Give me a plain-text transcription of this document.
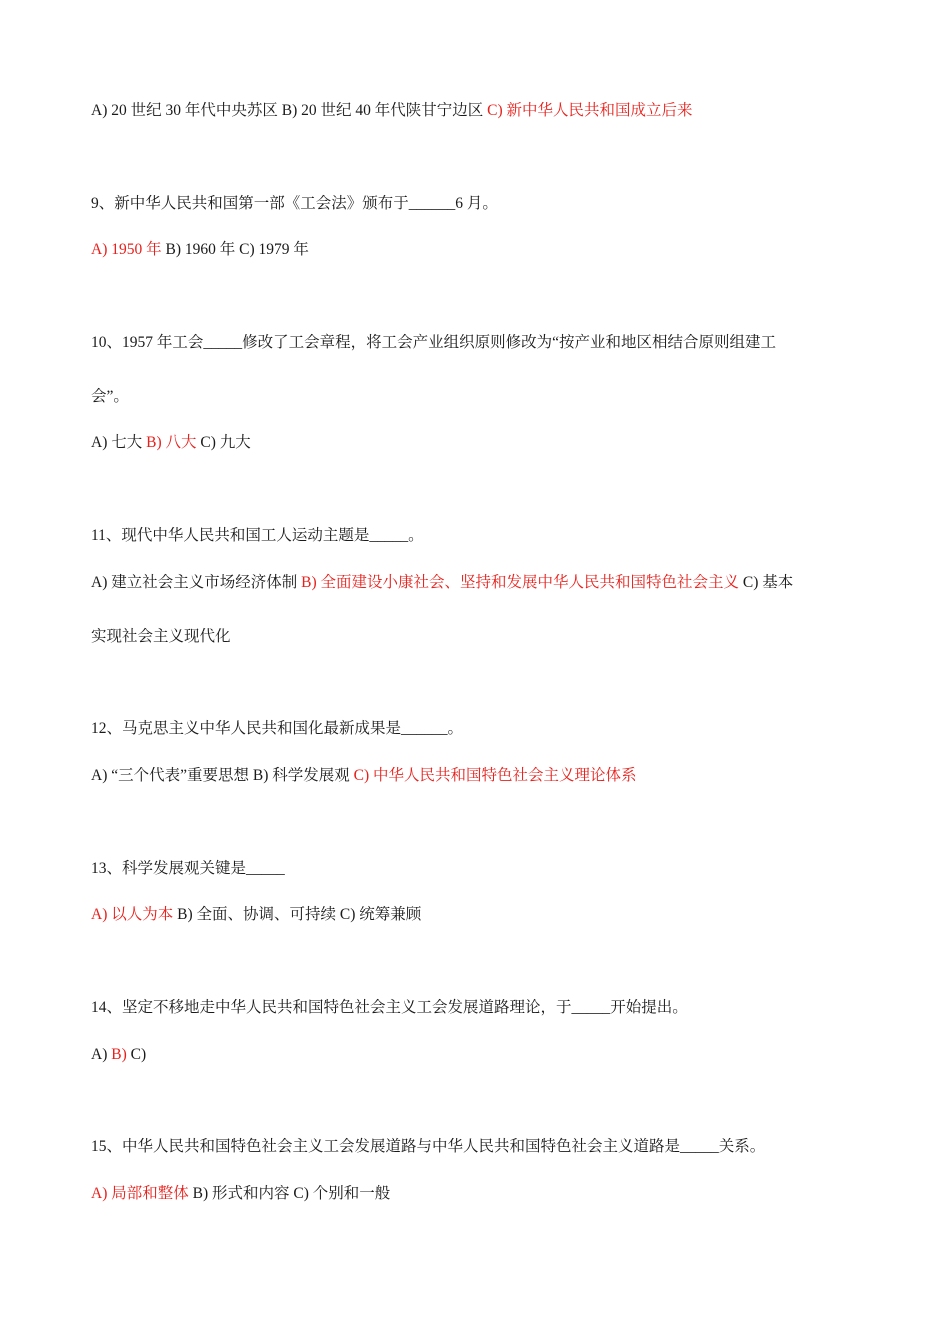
A) 20 世纪 30 年代中央苏区 B) 20 世纪 40 年代陕甘宁边区 C) 新中华人民共和国成立后来
9、新中华人民共和国第一部《工会法》颁布于______6 月。
A) 1950 年 B) 1960 年 C) 1979 年
10、1957 年工会_____修改了工会章程，将工会产业组织原则修改为“按产业和地区相结合原则组建工
会”。
A) 七大 B) 八大 C) 九大
11、现代中华人民共和国工人运动主题是_____。
A) 建立社会主义市场经济体制 B) 全面建设小康社会、坚持和发展中华人民共和国特色社会主义 C) 基本
实现社会主义现代化
12、马克思主义中华人民共和国化最新成果是______。
A) “三个代表”重要思想 B) 科学发展观 C) 中华人民共和国特色社会主义理论体系
13、科学发展观关键是_____
A) 以人为本 B) 全面、协调、可持续 C) 统筹兼顾
14、坚定不移地走中华人民共和国特色社会主义工会发展道路理论，于_____开始提出。
A) B) C)
15、中华人民共和国特色社会主义工会发展道路与中华人民共和国特色社会主义道路是_____关系。
A) 局部和整体 B) 形式和内容 C) 个别和一般
